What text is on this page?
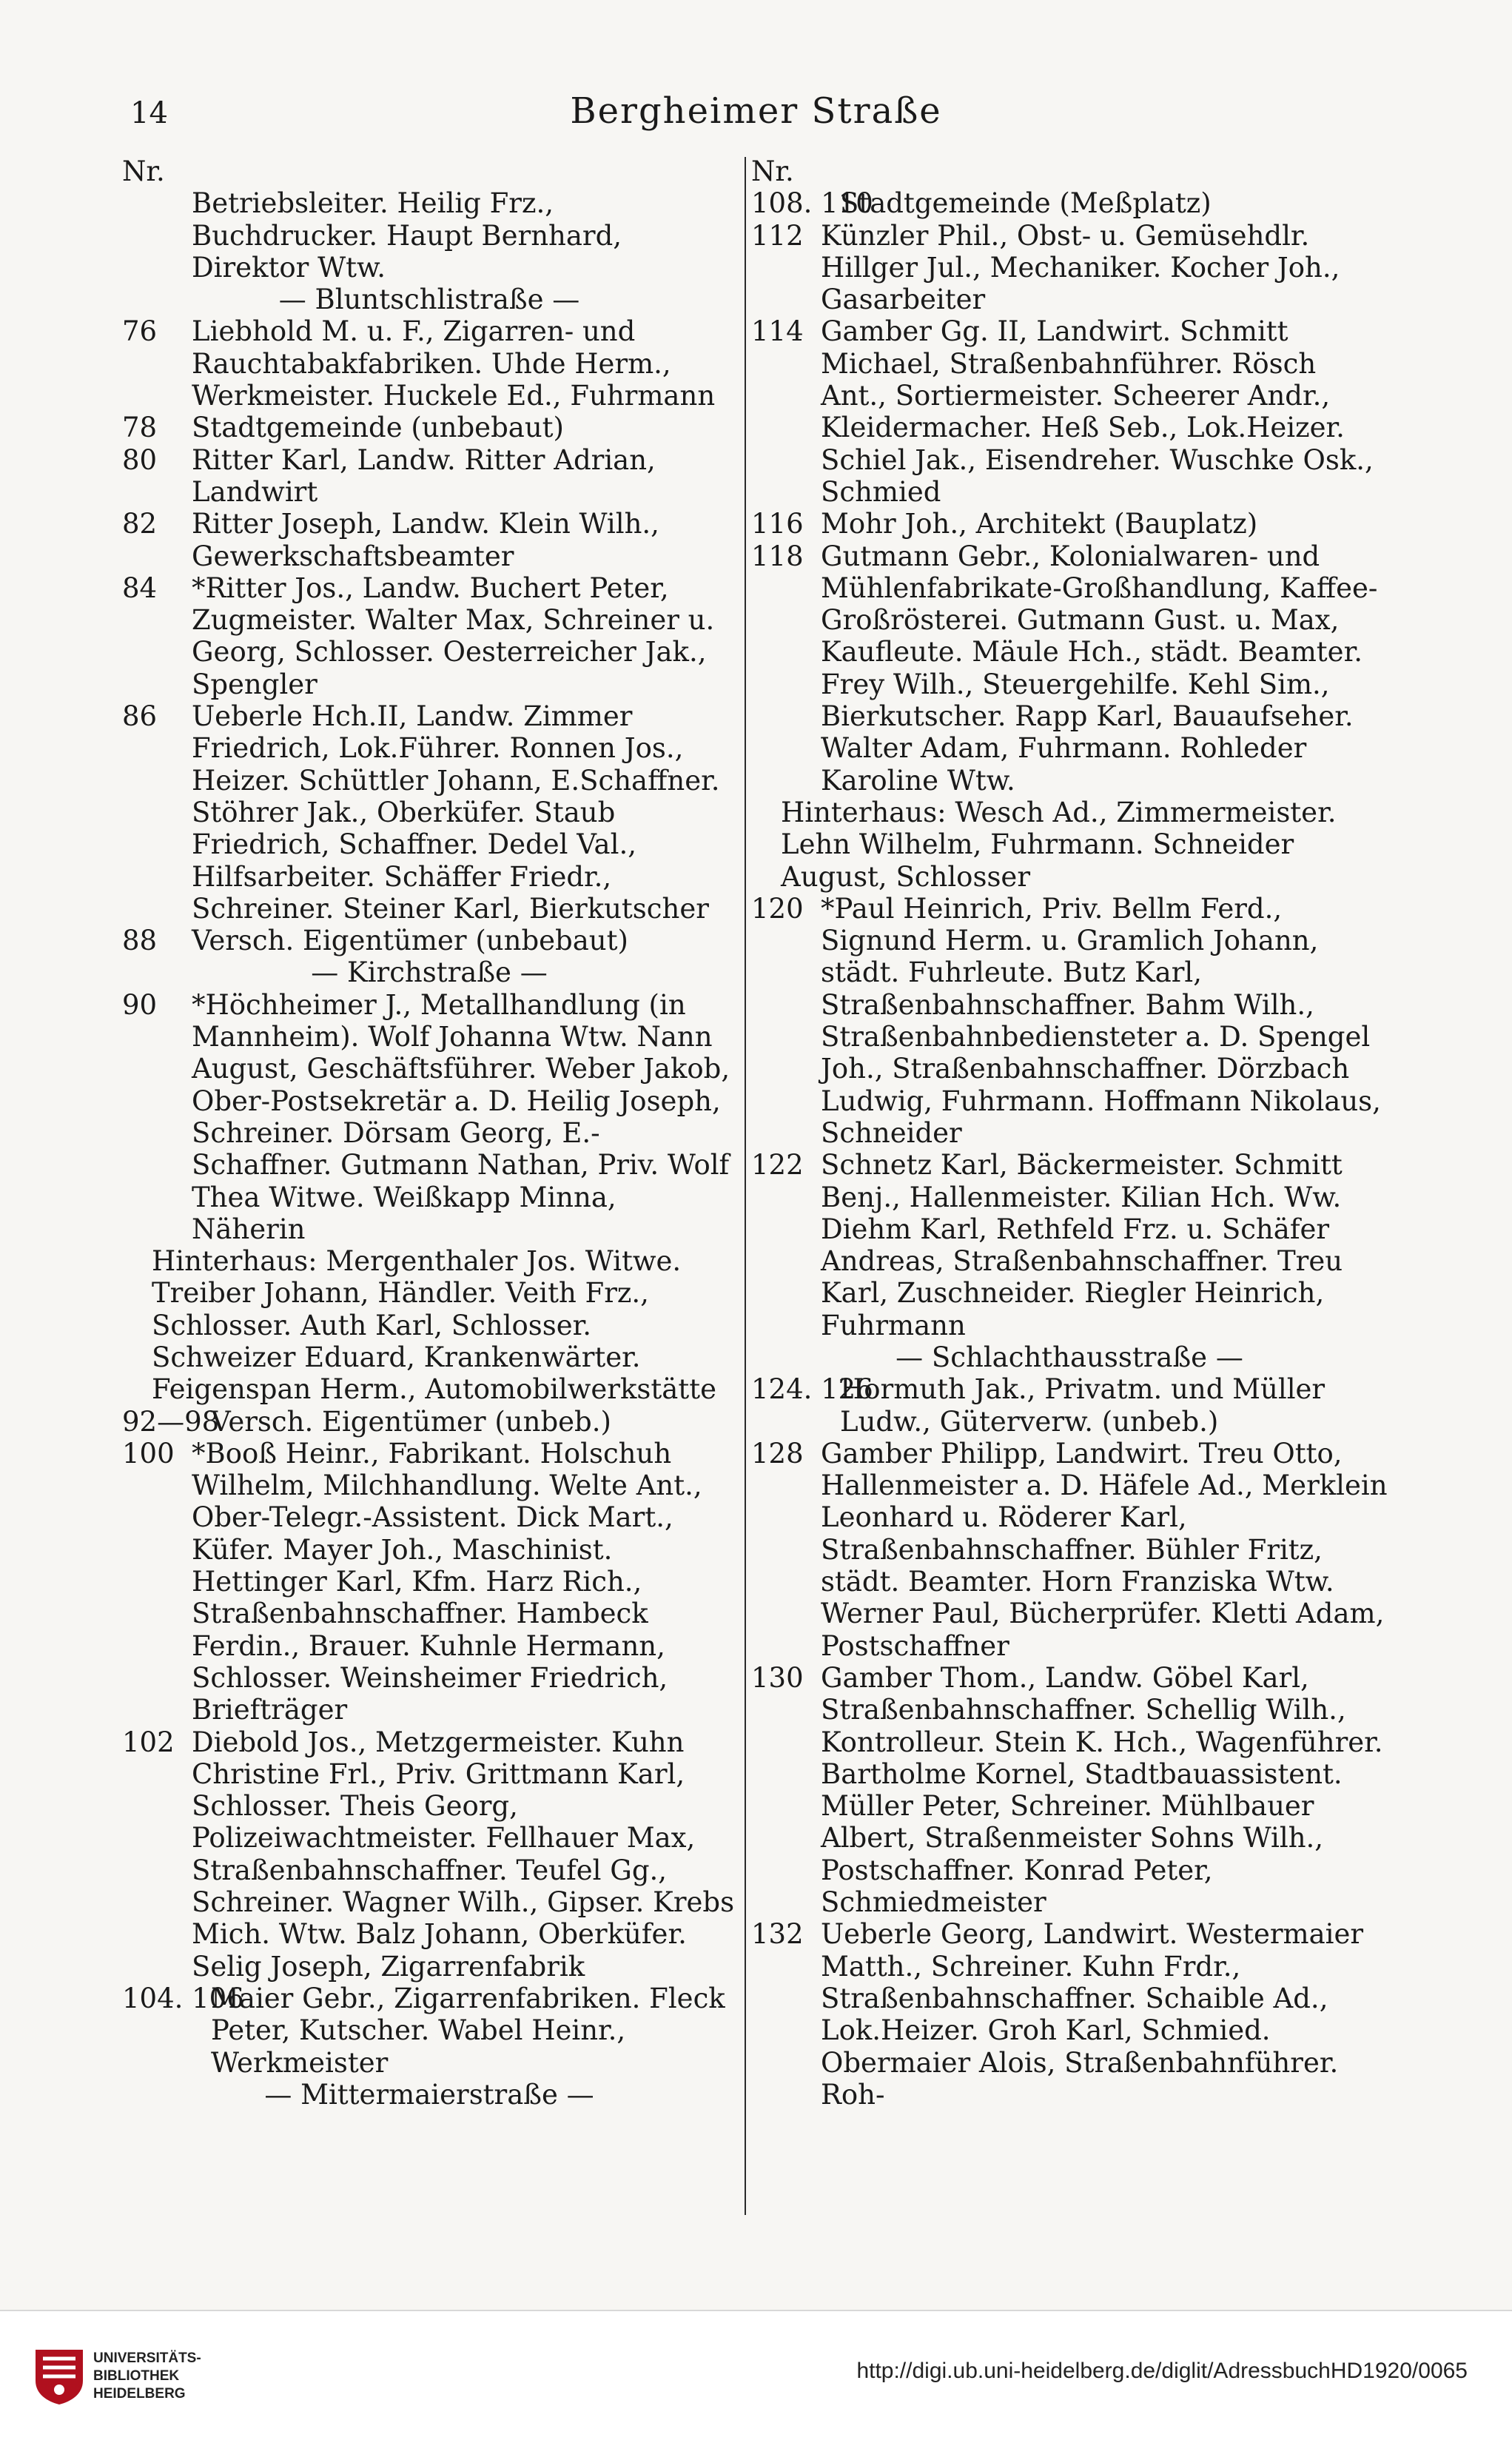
14	Bergheimer Straße
Nr.
Betriebsleiter. Heilig Frz., Buchdrucker. Haupt Bernhard, Direktor Wtw.
— Bluntschlistraße —
76 Liebhold M. u. F., Zigarren- und Rauchtabakfabriken. Uhde Herm., Werkmeister. Huckele Ed., Fuhrmann
78 Stadtgemeinde (unbebaut)
80 Ritter Karl, Landw. Ritter Adrian, Landwirt
82 Ritter Joseph, Landw. Klein Wilh., Gewerkschaftsbeamter
84 *Ritter Jos., Landw. Buchert Peter, Zugmeister. Walter Max, Schreiner u. Georg, Schlosser. Oesterreicher Jak., Spengler
86 Ueberle Hch.II, Landw. Zimmer Friedrich, Lok.Führer. Ronnen Jos., Heizer. Schüttler Johann, E.Schaffner. Stöhrer Jak., Oberküfer. Staub Friedrich, Schaffner. Dedel Val., Hilfsarbeiter. Schäffer Friedr., Schreiner. Steiner Karl, Bierkutscher
88 Versch. Eigentümer (unbebaut)
— Kirchstraße —
90 *Höchheimer J., Metallhandlung (in Mannheim). Wolf Johanna Wtw. Nann August, Geschäftsführer. Weber Jakob, Ober-Postsekretär a. D. Heilig Joseph, Schreiner. Dörsam Georg, E.-Schaffner. Gutmann Nathan, Priv. Wolf Thea Witwe. Weißkapp Minna, Näherin
Hinterhaus: Mergenthaler Jos. Witwe. Treiber Johann, Händler. Veith Frz., Schlosser. Auth Karl, Schlosser. Schweizer Eduard, Krankenwärter. Feigenspan Herm., Automobilwerkstätte
92—98
Versch. Eigentümer (unbeb.)
100 *Booß Heinr., Fabrikant. Holschuh Wilhelm, Milchhandlung. Welte Ant., Ober-Telegr.-Assistent. Dick Mart., Küfer. Mayer Joh., Maschinist. Hettinger Karl, Kfm. Harz Rich., Straßenbahnschaffner. Hambeck Ferdin., Brauer. Kuhnle Hermann, Schlosser. Weinsheimer Friedrich, Briefträger
102 Diebold Jos., Metzgermeister. Kuhn Christine Frl., Priv. Grittmann Karl, Schlosser. Theis Georg, Polizeiwachtmeister. Fellhauer Max, Straßenbahnschaffner. Teufel Gg., Schreiner. Wagner Wilh., Gipser. Krebs Mich. Wtw. Balz Johann, Oberküfer. Selig Joseph, Zigarrenfabrik
104. 106
Maier Gebr., Zigarrenfabriken. Fleck Peter, Kutscher. Wabel Heinr., Werkmeister
— Mittermaierstraße —
Nr.
108. 110
Stadtgemeinde (Meßplatz)
112 Künzler Phil., Obst- u. Gemüsehdlr. Hillger Jul., Mechaniker. Kocher Joh., Gasarbeiter
114 Gamber Gg. II, Landwirt. Schmitt Michael, Straßenbahnführer. Rösch Ant., Sortiermeister. Scheerer Andr., Kleidermacher. Heß Seb., Lok.Heizer. Schiel Jak., Eisendreher. Wuschke Osk., Schmied
116 Mohr Joh., Architekt (Bauplatz)
118 Gutmann Gebr., Kolonialwaren- und Mühlenfabrikate-Großhandlung, Kaffee-Großrösterei. Gutmann Gust. u. Max, Kaufleute. Mäule Hch., städt. Beamter. Frey Wilh., Steuergehilfe. Kehl Sim., Bierkutscher. Rapp Karl, Bauaufseher. Walter Adam, Fuhrmann. Rohleder Karoline Wtw.
Hinterhaus: Wesch Ad., Zimmermeister. Lehn Wilhelm, Fuhrmann. Schneider August, Schlosser
120 *Paul Heinrich, Priv. Bellm Ferd., Signund Herm. u. Gramlich Johann, städt. Fuhrleute. Butz Karl, Straßenbahnschaffner. Bahm Wilh., Straßenbahnbediensteter a. D. Spengel Joh., Straßenbahnschaffner. Dörzbach Ludwig, Fuhrmann. Hoffmann Nikolaus, Schneider
122 Schnetz Karl, Bäckermeister. Schmitt Benj., Hallenmeister. Kilian Hch. Ww. Diehm Karl, Rethfeld Frz. u. Schäfer Andreas, Straßenbahnschaffner. Treu Karl, Zuschneider. Riegler Heinrich, Fuhrmann
— Schlachthausstraße —
124. 126
Hormuth Jak., Privatm. und Müller Ludw., Güterverw. (unbeb.)
128 Gamber Philipp, Landwirt. Treu Otto, Hallenmeister a. D. Häfele Ad., Merklein Leonhard u. Röderer Karl, Straßenbahnschaffner. Bühler Fritz, städt. Beamter. Horn Franziska Wtw. Werner Paul, Bücherprüfer. Kletti Adam, Postschaffner
130 Gamber Thom., Landw. Göbel Karl, Straßenbahnschaffner. Schellig Wilh., Kontrolleur. Stein K. Hch., Wagenführer. Bartholme Kornel, Stadtbauassistent. Müller Peter, Schreiner. Mühlbauer Albert, Straßenmeister Sohns Wilh., Postschaffner. Konrad Peter, Schmiedmeister
132 Ueberle Georg, Landwirt. Westermaier Matth., Schreiner. Kuhn Frdr., Straßenbahnschaffner. Schaible Ad., Lok.Heizer. Groh Karl, Schmied. Obermaier Alois, Straßenbahnführer. Roh-
UNIVERSITÄTS-
BIBLIOTHEK
HEIDELBERG
http://digi.ub.uni-heidelberg.de/diglit/AdressbuchHD1920/0065
